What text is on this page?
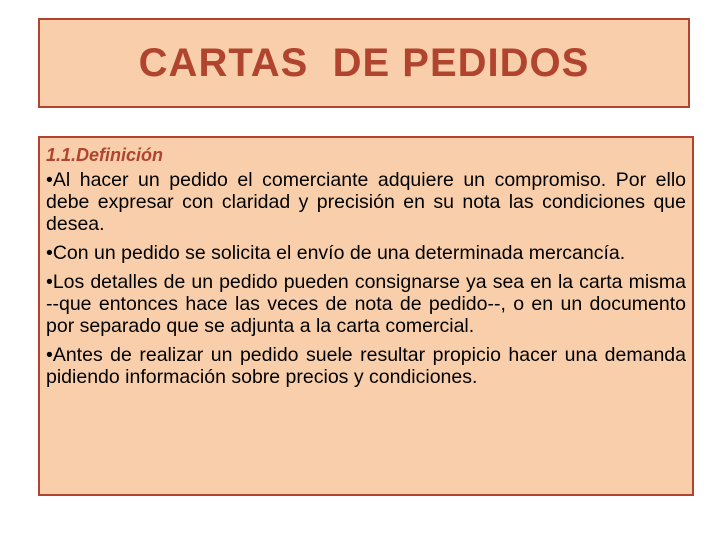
CARTAS  DE PEDIDOS
1.1.Definición

•Al hacer un pedido el comerciante adquiere un compromiso. Por ello debe expresar con claridad y precisión en su nota las condiciones que desea.

•Con un pedido se solicita el envío de una determinada mercancía.

•Los detalles de un pedido pueden consignarse ya sea en la carta misma --que entonces hace las veces de nota de pedido--, o en un documento por separado que se adjunta a la carta comercial.

•Antes de realizar un pedido suele resultar propicio hacer una demanda pidiendo información sobre precios y condiciones.
